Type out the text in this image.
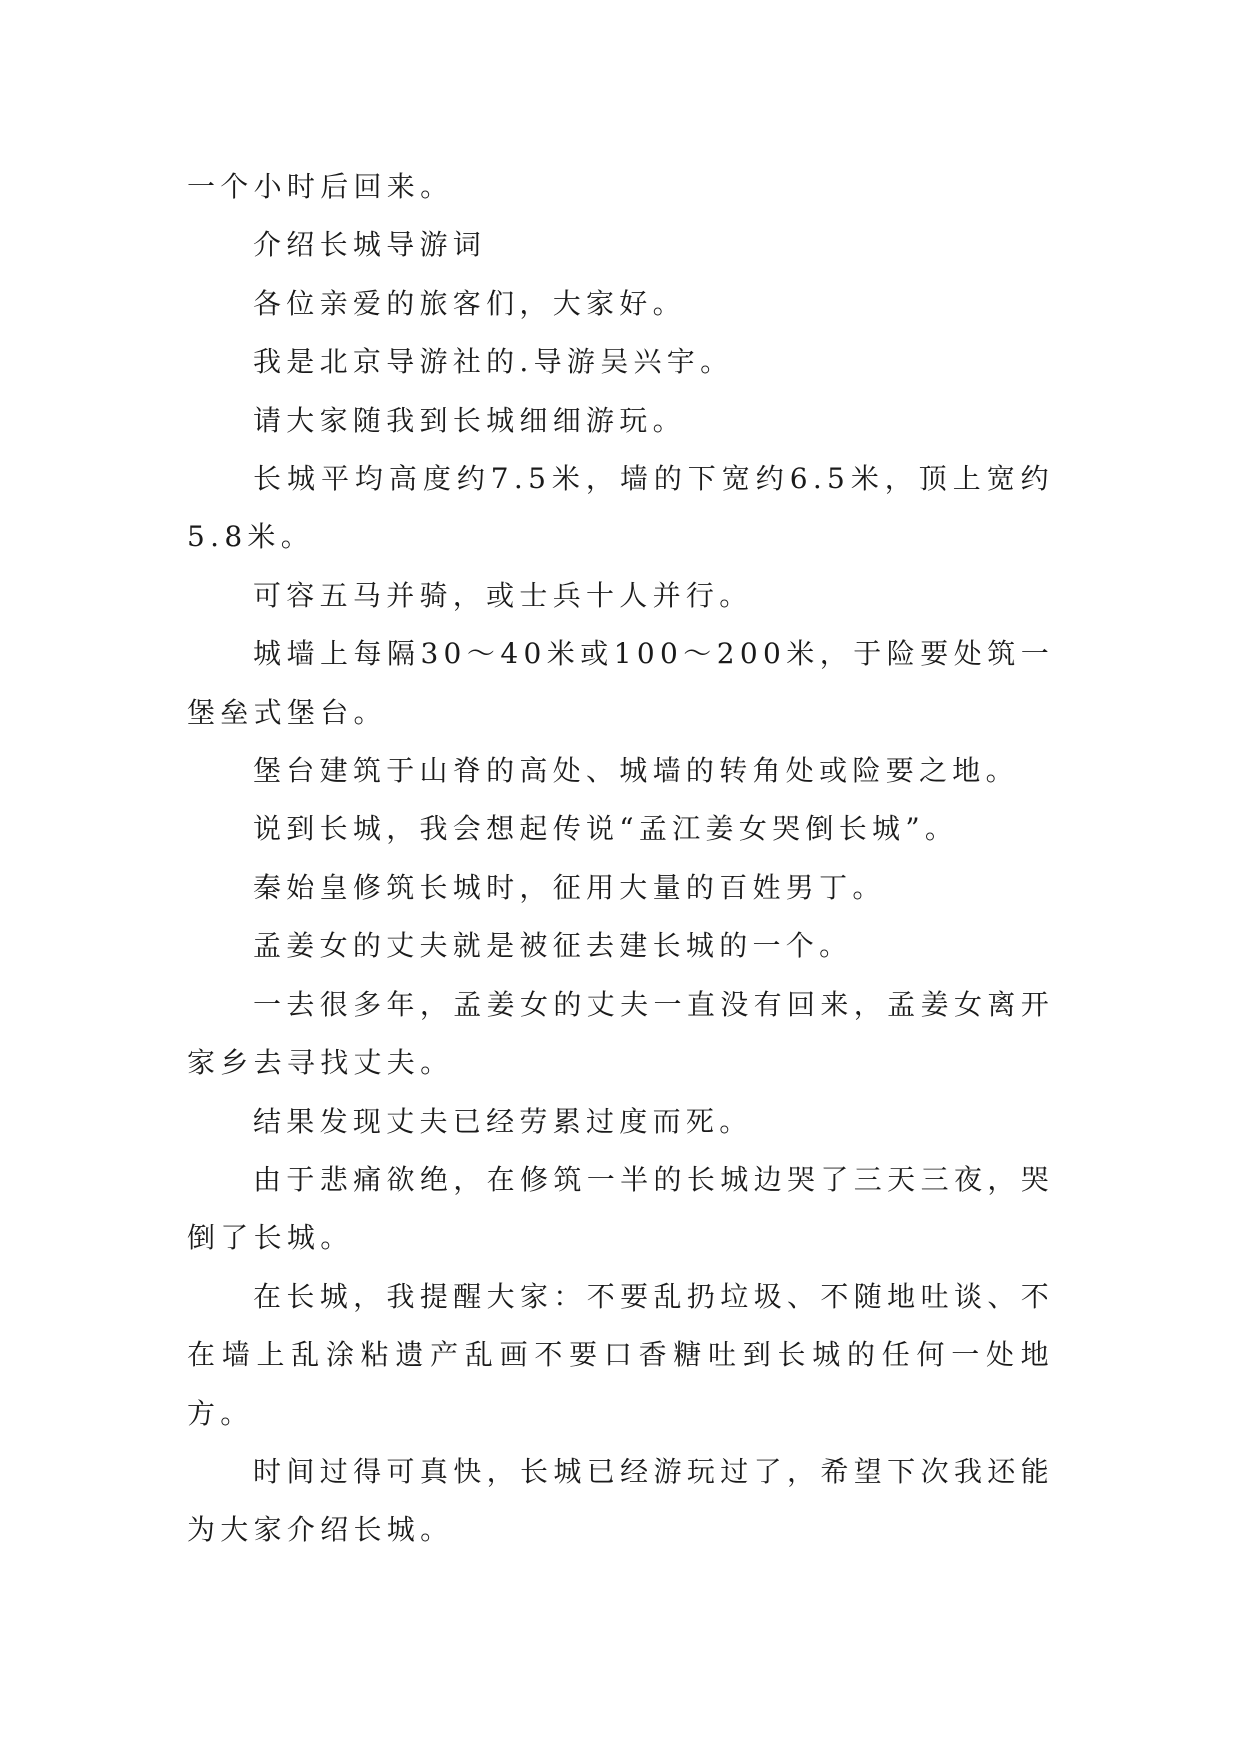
一个小时后回来。

介绍长城导游词

各位亲爱的旅客们，大家好。

我是北京导游社的.导游吴兴宇。

请大家随我到长城细细游玩。

长城平均高度约7.5米，墙的下宽约6.5米，顶上宽约5.8米。

可容五马并骑，或士兵十人并行。

城墙上每隔30～40米或100～200米，于险要处筑一堡垒式堡台。

堡台建筑于山脊的高处、城墙的转角处或险要之地。

说到长城，我会想起传说“孟江姜女哭倒长城”。

秦始皇修筑长城时，征用大量的百姓男丁。

孟姜女的丈夫就是被征去建长城的一个。

一去很多年，孟姜女的丈夫一直没有回来，孟姜女离开家乡去寻找丈夫。

结果发现丈夫已经劳累过度而死。

由于悲痛欲绝，在修筑一半的长城边哭了三天三夜，哭倒了长城。

在长城，我提醒大家：不要乱扔垃圾、不随地吐谈、不在墙上乱涂粘遗产乱画不要口香糖吐到长城的任何一处地方。

时间过得可真快，长城已经游玩过了，希望下次我还能为大家介绍长城。
